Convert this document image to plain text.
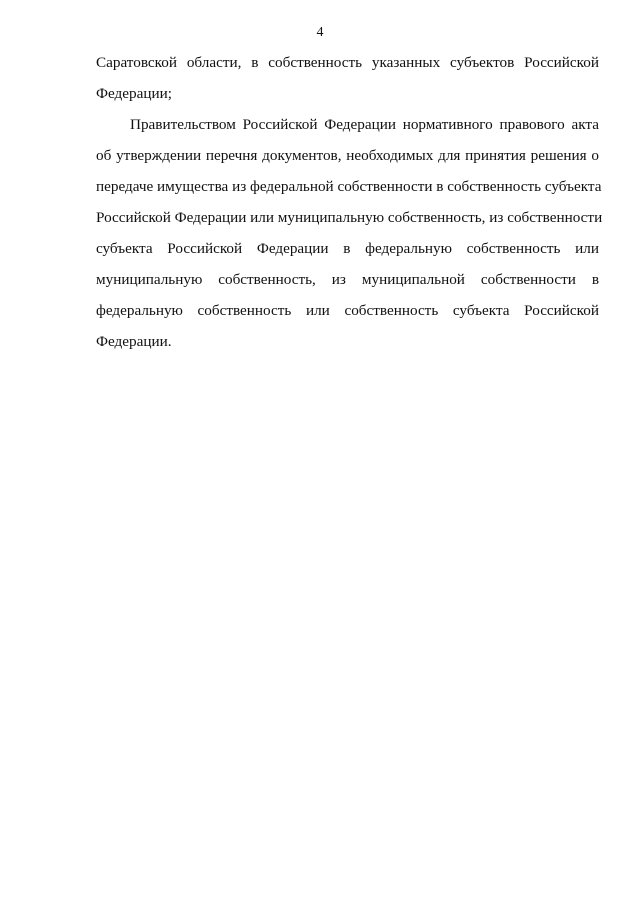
4
Саратовской области, в собственность указанных субъектов Российской
Федерации;
Правительством Российской Федерации нормативного правового акта
об утверждении перечня документов, необходимых для принятия решения о
передаче имущества из федеральной собственности в собственность субъекта
Российской Федерации или муниципальную собственность, из собственности
субъекта Российской Федерации в федеральную собственность или
муниципальную собственность, из муниципальной собственности в
федеральную собственность или собственность субъекта Российской
Федерации.
